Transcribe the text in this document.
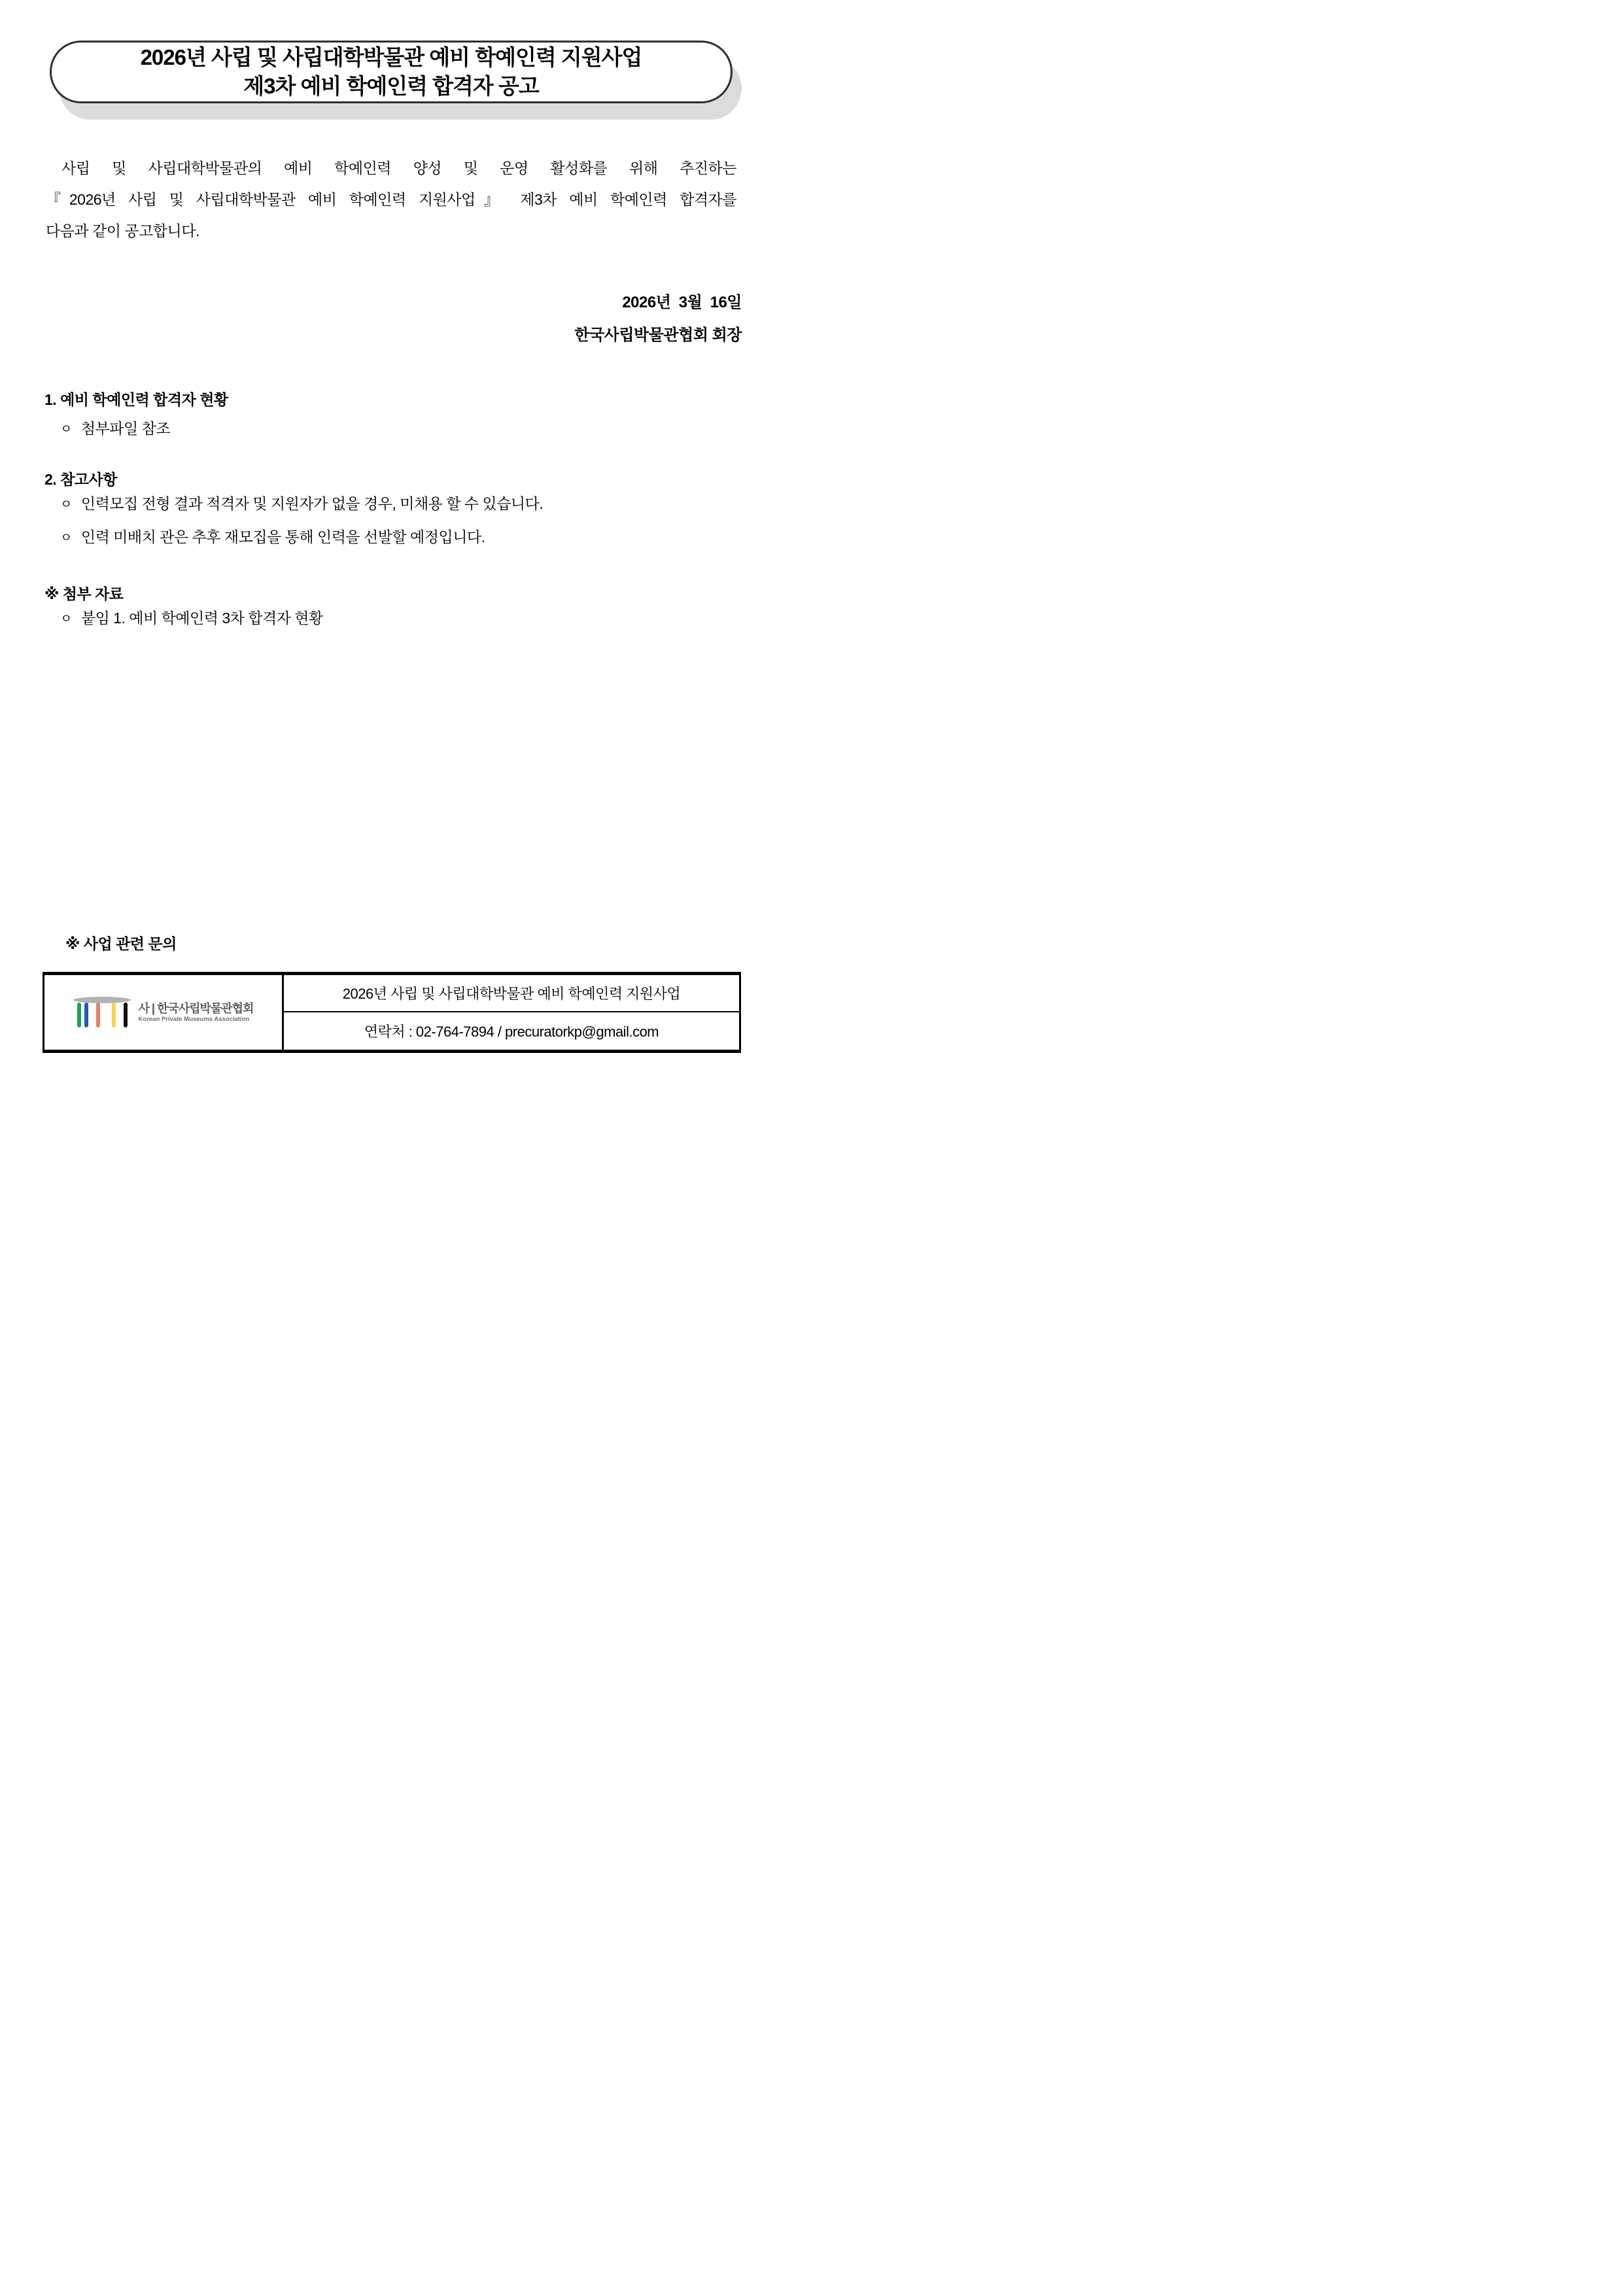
2026년 사립 및 사립대학박물관 예비 학예인력 지원사업
제3차 예비 학예인력 합격자 공고
사립 및 사립대학박물관의 예비 학예인력 양성 및 운영 활성화를 위해 추진하는
『2026년 사립 및 사립대학박물관 예비 학예인력 지원사업』 제3차 예비 학예인력 합격자를
다음과 같이 공고합니다.
2026년  3월  16일
한국사립박물관협회 회장
1. 예비 학예인력 합격자 현황
ㅇ 첨부파일 참조
2. 참고사항
ㅇ 인력모집 전형 결과 적격자 및 지원자가 없을 경우, 미채용 할 수 있습니다.
ㅇ 인력 미배치 관은 추후 재모집을 통해 인력을 선발할 예정입니다.
※ 첨부 자료
ㅇ 붙임 1. 예비 학예인력 3차 합격자 현황
※ 사업 관련 문의
사 | 한국사립박물관협회
Korean Private Museums Association
2026년 사립 및 사립대학박물관 예비 학예인력 지원사업
연락처 : 02-764-7894 / precuratorkp@gmail.com
